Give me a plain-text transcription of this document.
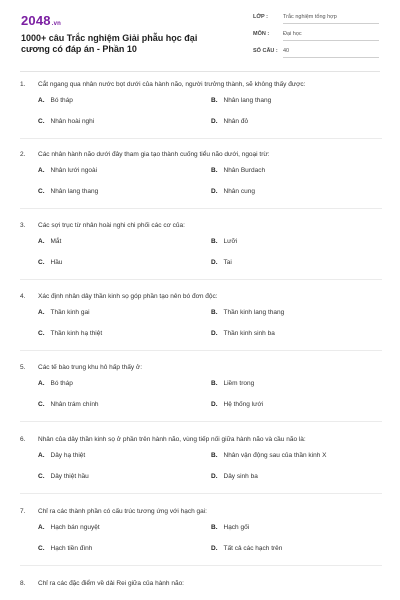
2048.vn
1000+ câu Trắc nghiệm Giải phẫu học đại cương có đáp án - Phần 10
LỚP :	Trắc nghiệm tổng hợp
MÔN :	Đại học
SỐ CÂU : 40
1.	Cắt ngang qua nhân nước bọt dưới của hành não, người trưởng thành, sẽ không thấy được:
A. Bó tháp	B. Nhân lang thang
C. Nhân hoài nghi	D. Nhân đỏ
2.	Các nhân hành não dưới đây tham gia tạo thành cuống tiểu não dưới, ngoại trừ:
A. Nhân lưới ngoài	B. Nhân Burdach
C. Nhân lang thang	D. Nhân cung
3.	Các sợi trục từ nhân hoài nghi chi phối các cơ của:
A. Mắt	B. Lưỡi
C. Hầu	D. Tai
4.	Xác định nhân dây thần kinh sọ góp phần tạo nên bó đơn độc:
A. Thần kinh gai	B. Thần kinh lang thang
C. Thần kinh hạ thiệt	D. Thần kinh sinh ba
5.	Các tế bào trung khu hô hấp thấy ở:
A. Bó tháp	B. Liềm trong
C. Nhân trám chính	D. Hệ thống lưới
6.	Nhân của dây thần kinh sọ ở phần trên hành não, vùng tiếp nối giữa hành não và cầu não là:
A. Dây hạ thiệt	B. Nhân vận động sau của thần kinh X
C. Dây thiệt hầu	D. Dây sinh ba
7.	Chỉ ra các thành phần có cấu trúc tương ứng với hạch gai:
A. Hạch bán nguyệt	B. Hạch gối
C. Hạch tiền đình	D. Tất cả các hạch trên
8.	Chỉ ra các đặc điểm về dải Rei giữa của hành não:
